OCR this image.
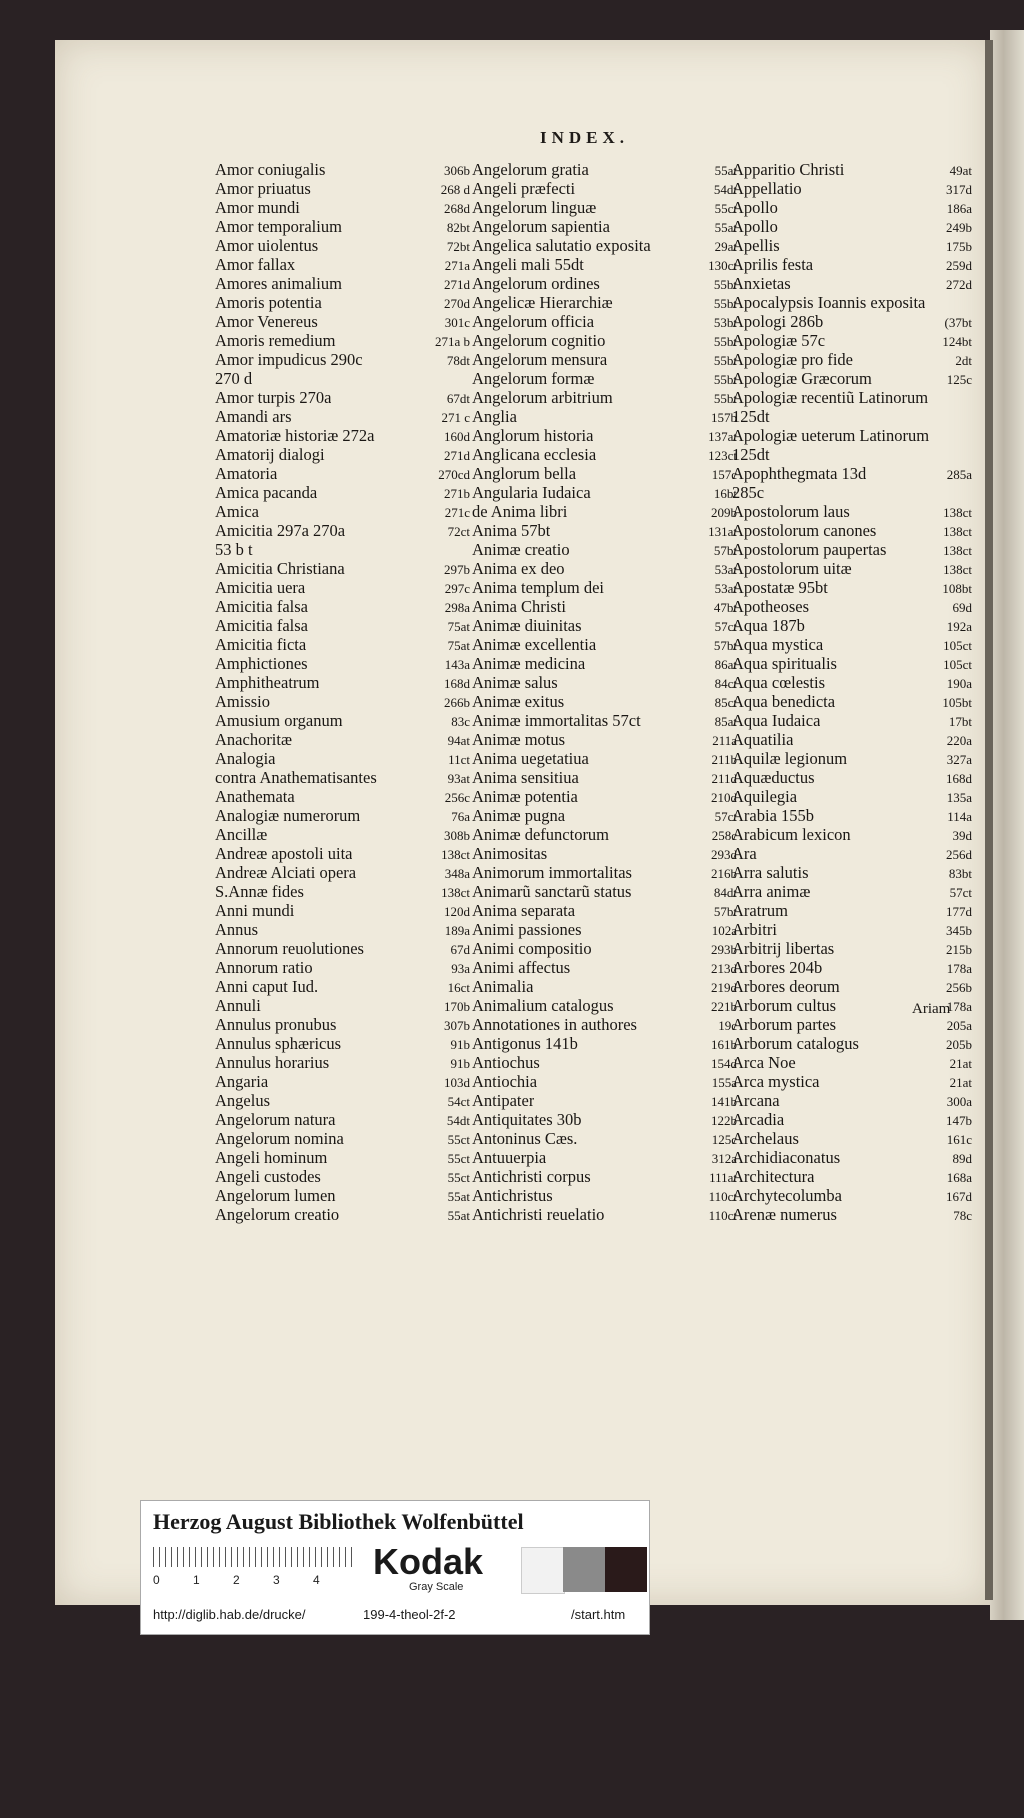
INDEX.
Amor coniugalis	306b
Amor priuatus	268 d
Amor mundi	268d
Amor temporalium	82bt
Amor uiolentus	72bt
Amor fallax	271a
Amores animalium	271d
Amoris potentia	270d
Amor Venereus	301c
Amoris remedium	271a b
Amor impudicus 290c	78dt
270 d
Amor turpis 270a	67dt
Amandi ars	271 c
Amatoriæ historiæ 272a	160d
Amatorij dialogi	271d
Amatoria	270cd
Amica pacanda	271b
Amica	271c
Amicitia 297a 270a	72ct
53 b t
Amicitia Christiana	297b
Amicitia uera	297c
Amicitia falsa	298a
Amicitia falsa	75at
Amicitia ficta	75at
Amphictiones	143a
Amphitheatrum	168d
Amissio	266b
Amusium organum	83c
Anachoritæ	94at
Analogia	11ct
contra Anathematisantes	93at
Anathemata	256c
Analogiæ numerorum	76a
Ancillæ	308b
Andreæ apostoli uita	138ct
Andreæ Alciati opera	348a
S.Annæ fides	138ct
Anni mundi	120d
Annus	189a
Annorum reuolutiones	67d
Annorum ratio	93a
Anni caput Iud.	16ct
Annuli	170b
Annulus pronubus	307b
Annulus sphæricus	91b
Annulus horarius	91b
Angaria	103d
Angelus	54ct
Angelorum natura	54dt
Angelorum nomina	55ct
Angeli hominum	55ct
Angeli custodes	55ct
Angelorum lumen	55at
Angelorum creatio	55at
Angelorum gratia	55at
Angeli præfecti	54dt
Angelorum linguæ	55ct
Angelorum sapientia	55at
Angelica salutatio exposita	29at
Angeli mali 55dt	130ct
Angelorum ordines	55bt
Angelicæ Hierarchiæ	55bt
Angelorum officia	53bt
Angelorum cognitio	55bt
Angelorum mensura	55bt
Angelorum formæ	55bt
Angelorum arbitrium	55bt
Anglia	157b
Anglorum historia	137at
Anglicana ecclesia	123ct
Anglorum bella	157c
Angularia Iudaica	16bt
de Anima libri	209b
Anima 57bt	131at
Animæ creatio	57bt
Anima ex deo	53at
Anima templum dei	53at
Anima Christi	47bt
Animæ diuinitas	57ct
Animæ excellentia	57bt
Animæ medicina	86at
Animæ salus	84ct
Animæ exitus	85ct
Animæ immortalitas 57ct	85at
Animæ motus	211a
Anima uegetatiua	211b
Anima sensitiua	211d
Animæ potentia	210d
Animæ pugna	57ct
Animæ defunctorum	258c
Animositas	293d
Animorum immortalitas	216b
Animarũ sanctarũ status	84dt
Anima separata	57bt
Animi passiones	102a
Animi compositio	293b
Animi affectus	213d
Animalia	219d
Animalium catalogus	221b
Annotationes in authores	19c
Antigonus 141b	161b
Antiochus	154d
Antiochia	155a
Antipater	141b
Antiquitates 30b	122b
Antoninus Cæs.	125c
Antuuerpia	312a
Antichristi corpus	111at
Antichristus	110ct
Antichristi reuelatio	110ct
Apparitio Christi	49at
Appellatio	317d
Apollo	186a
Apollo	249b
Apellis	175b
Aprilis festa	259d
Anxietas	272d
Apocalypsis Ioannis exposita
Apologi 286b	(37bt
Apologiæ 57c	124bt
Apologiæ pro fide	2dt
Apologiæ Græcorum	125c
Apologiæ recentiũ Latinorum
125dt
Apologiæ ueterum Latinorum
125dt
Apophthegmata 13d	285a
285c
Apostolorum laus	138ct
Apostolorum canones	138ct
Apostolorum paupertas	138ct
Apostolorum uitæ	138ct
Apostatæ 95bt	108bt
Apotheoses	69d
Aqua 187b	192a
Aqua mystica	105ct
Aqua spiritualis	105ct
Aqua cœlestis	190a
Aqua benedicta	105bt
Aqua Iudaica	17bt
Aquatilia	220a
Aquilæ legionum	327a
Aquæductus	168d
Aquilegia	135a
Arabia 155b	114a
Arabicum lexicon	39d
Ara	256d
Arra salutis	83bt
Arra animæ	57ct
Aratrum	177d
Arbitri	345b
Arbitrij libertas	215b
Arbores 204b	178a
Arbores deorum	256b
Arborum cultus	178a
Arborum partes	205a
Arborum catalogus	205b
Arca Noe	21at
Arca mystica	21at
Arcana	300a
Arcadia	147b
Archelaus	161c
Archidiaconatus	89d
Architectura	168a
Archytecolumba	167d
Arenæ numerus	78c
Ariam
Herzog August Bibliothek Wolfenbüttel
0	1	2	3	4	Kodak
Gray Scale
http://diglib.hab.de/drucke/	199-4-theol-2f-2	/start.htm
